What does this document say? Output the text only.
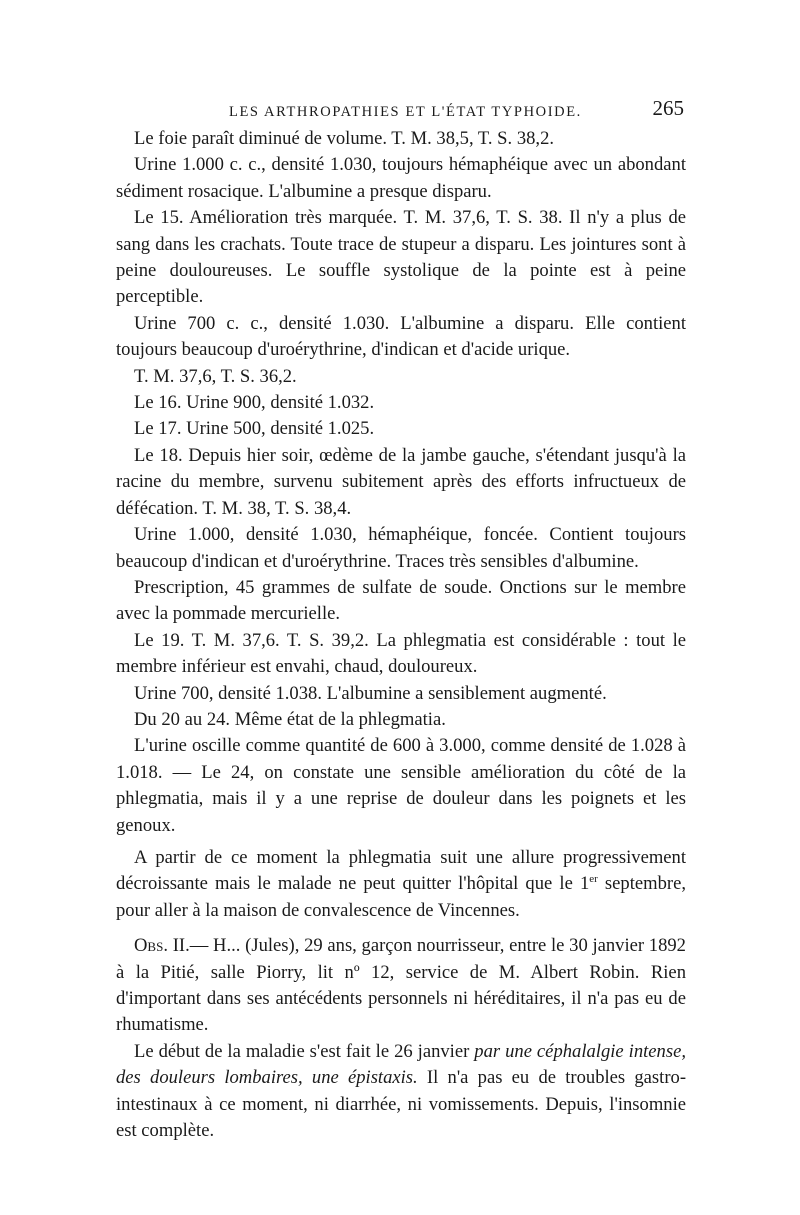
LES ARTHROPATHIES ET L'ÉTAT TYPHOIDE.	265

Le foie paraît diminué de volume. T. M. 38,5, T. S. 38,2.

Urine 1.000 c. c., densité 1.030, toujours hémaphéique avec un abondant sédiment rosacique. L'albumine a presque disparu.

Le 15. Amélioration très marquée. T. M. 37,6, T. S. 38. Il n'y a plus de sang dans les crachats. Toute trace de stupeur a disparu. Les jointures sont à peine douloureuses. Le souffle systolique de la pointe est à peine perceptible.

Urine 700 c. c., densité 1.030. L'albumine a disparu. Elle contient toujours beaucoup d'uroérythrine, d'indican et d'acide urique.

T. M. 37,6, T. S. 36,2.

Le 16. Urine 900, densité 1.032.

Le 17. Urine 500, densité 1.025.

Le 18. Depuis hier soir, œdème de la jambe gauche, s'étendant jusqu'à la racine du membre, survenu subitement après des efforts infructueux de défécation. T. M. 38, T. S. 38,4.

Urine 1.000, densité 1.030, hémaphéique, foncée. Contient toujours beaucoup d'indican et d'uroérythrine. Traces très sensibles d'albumine.

Prescription, 45 grammes de sulfate de soude. Onctions sur le membre avec la pommade mercurielle.

Le 19. T. M. 37,6. T. S. 39,2. La phlegmatia est considérable : tout le membre inférieur est envahi, chaud, douloureux.

Urine 700, densité 1.038. L'albumine a sensiblement augmenté.

Du 20 au 24. Même état de la phlegmatia.

L'urine oscille comme quantité de 600 à 3.000, comme densité de 1.028 à 1.018. — Le 24, on constate une sensible amélioration du côté de la phlegmatia, mais il y a une reprise de douleur dans les poignets et les genoux.

A partir de ce moment la phlegmatia suit une allure progressivement décroissante mais le malade ne peut quitter l'hôpital que le 1er septembre, pour aller à la maison de convalescence de Vincennes.

Obs. II.— H... (Jules), 29 ans, garçon nourrisseur, entre le 30 janvier 1892 à la Pitié, salle Piorry, lit nº 12, service de M. Albert Robin. Rien d'important dans ses antécédents personnels ni héréditaires, il n'a pas eu de rhumatisme.

Le début de la maladie s'est fait le 26 janvier par une céphalalgie intense, des douleurs lombaires, une épistaxis. Il n'a pas eu de troubles gastro-intestinaux à ce moment, ni diarrhée, ni vomissements. Depuis, l'insomnie est complète.
